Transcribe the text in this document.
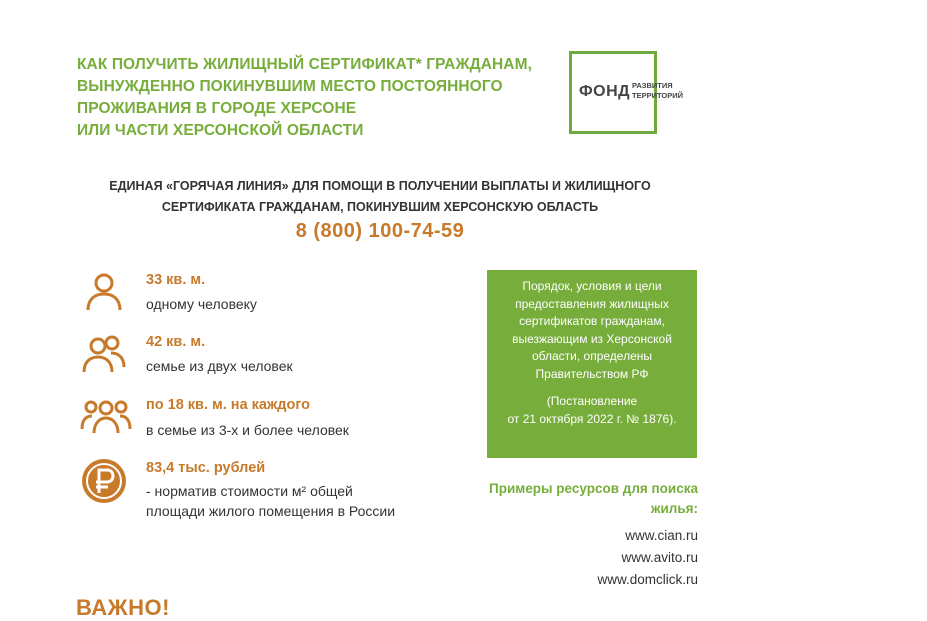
КАК ПОЛУЧИТЬ ЖИЛИЩНЫЙ СЕРТИФИКАТ* ГРАЖДАНАМ,
ВЫНУЖДЕННО ПОКИНУВШИМ МЕСТО ПОСТОЯННОГО
ПРОЖИВАНИЯ В ГОРОДЕ ХЕРСОНЕ
ИЛИ ЧАСТИ ХЕРСОНСКОЙ ОБЛАСТИ
ФОНД РАЗВИТИЯ
ТЕРРИТОРИЙ
ЕДИНАЯ «ГОРЯЧАЯ ЛИНИЯ» ДЛЯ ПОМОЩИ В ПОЛУЧЕНИИ ВЫПЛАТЫ И ЖИЛИЩНОГО
СЕРТИФИКАТА ГРАЖДАНАМ, ПОКИНУВШИМ ХЕРСОНСКУЮ ОБЛАСТЬ
8 (800) 100-74-59
33 кв. м.
одному человеку
42 кв. м.
семье из двух человек
по 18 кв. м. на каждого
в семье из 3-х и более человек
83,4 тыс. рублей
- норматив стоимости м² общей
площади жилого помещения в России
Порядок, условия и цели
предоставления жилищных
сертификатов гражданам,
выезжающим из Херсонской
области, определены
Правительством РФ
(Постановление
от 21 октября 2022 г. № 1876).
Примеры ресурсов для поиска
жилья:
www.cian.ru
www.avito.ru
www.domclick.ru
ВАЖНО!
